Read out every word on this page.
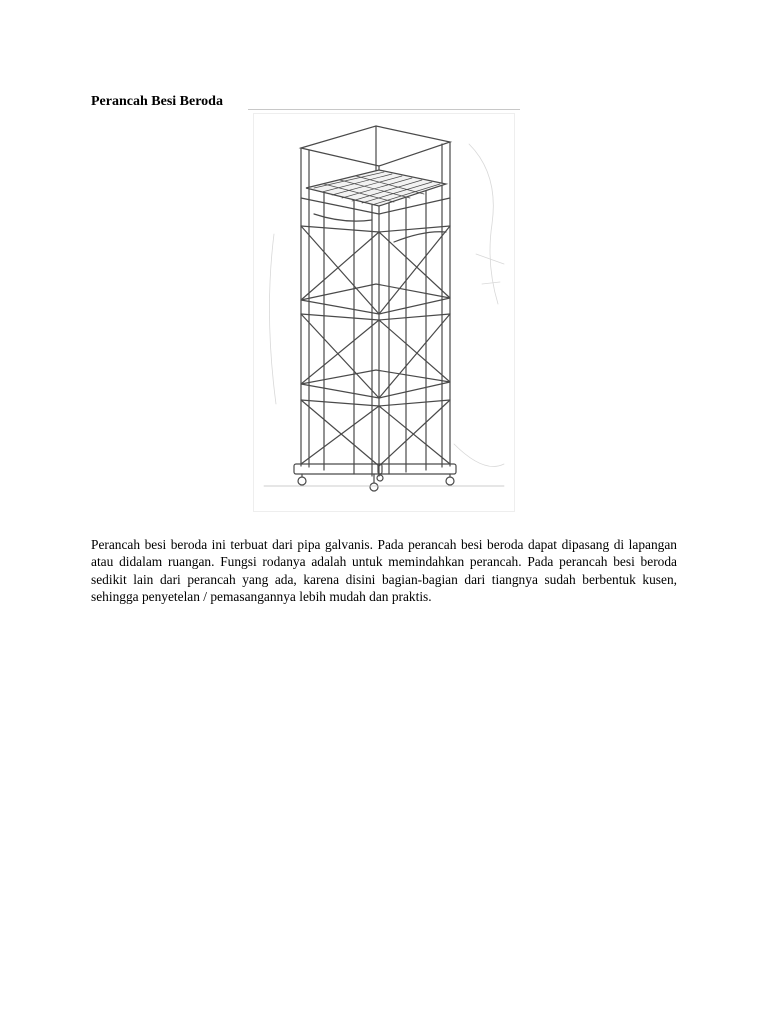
Perancah Besi Beroda

Perancah besi beroda ini terbuat dari pipa galvanis. Pada perancah besi beroda dapat dipasang di lapangan atau didalam ruangan. Fungsi rodanya adalah untuk memindahkan perancah. Pada perancah besi beroda sedikit lain dari perancah yang ada, karena disini bagian-bagian dari tiangnya sudah berbentuk kusen, sehingga penyetelan / pemasangannya lebih mudah dan praktis.
